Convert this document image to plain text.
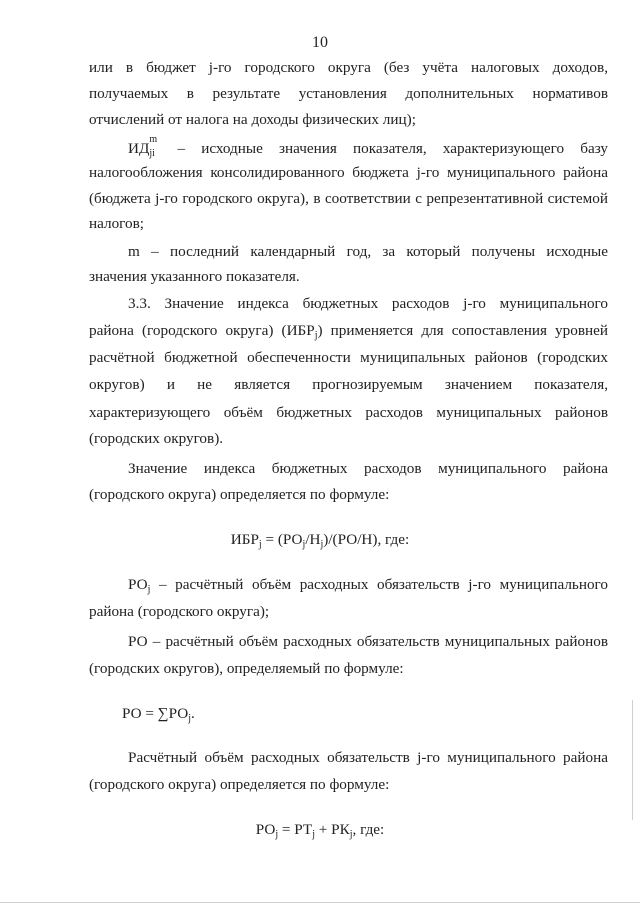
10
или в бюджет j-го городского округа (без учёта налоговых доходов,
получаемых в результате установления дополнительных нормативов
отчислений от налога на доходы физических лиц);
ИД
m
ji – исходные значения показателя, характеризующего базу
налогообложения консолидированного бюджета j-го муниципального района
(бюджета j-го городского округа), в соответствии с репрезентативной системой
налогов;
m – последний календарный год, за который получены исходные
значения указанного показателя.
3.3. Значение индекса бюджетных расходов j-го муниципального
района (городского округа) $(ИБР_j)$ применяется для сопоставления уровней
расчётной бюджетной обеспеченности муниципальных районов (городских
округов) и не является прогнозируемым значением показателя,
характеризующего объём бюджетных расходов муниципальных районов
(городских округов).
Значение индекса бюджетных расходов муниципального района
(городского округа) определяется по формуле:
$ИБР_j = (РО_j/Н_j)/(РО/Н)$, где:
$РО_j$ – расчётный объём расходных обязательств j-го муниципального
района (городского округа);
РО – расчётный объём расходных обязательств муниципальных районов
(городских округов), определяемый по формуле:
РО = $\sum РО_j$.
Расчётный объём расходных обязательств j-го муниципального района
(городского округа) определяется по формуле:
$РО_j = РТ_j + РК_j$, где:
